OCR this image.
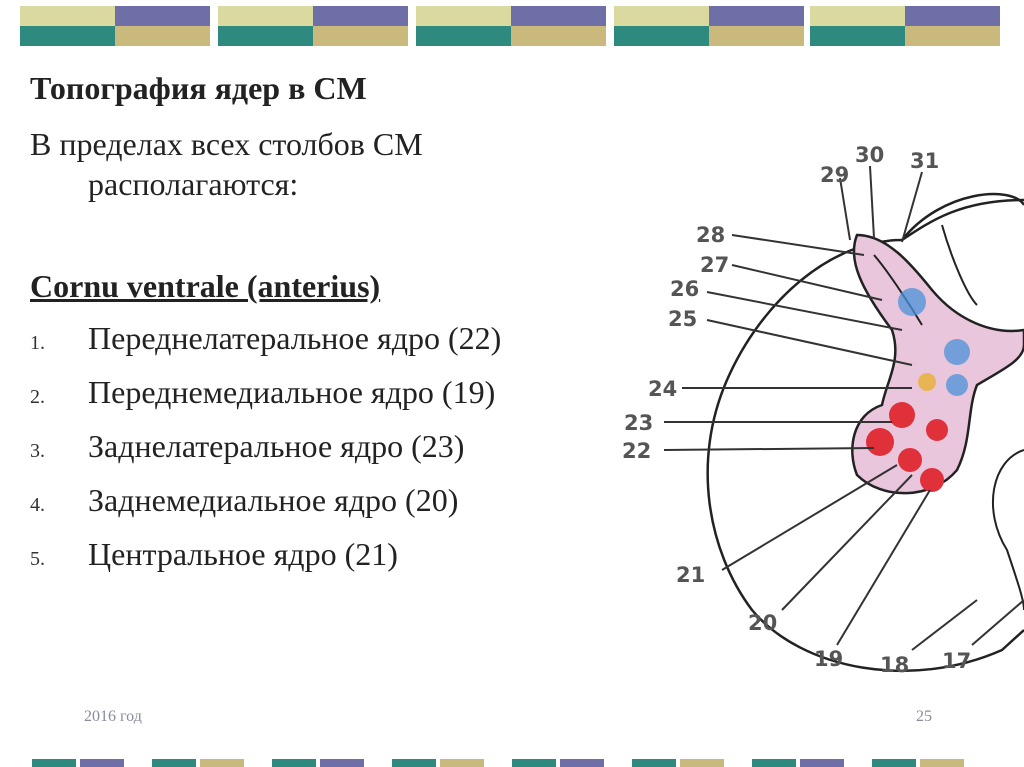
Топография ядер в СМ
В пределах всех столбов СМ
располагаются:
Cornu ventrale (anterius)
1.	Переднелатеральное ядро (22)
2.	Переднемедиальное ядро (19)
3.	Заднелатеральное ядро (23)
4.	Заднемедиальное ядро (20)
5.	Центральное ядро (21)
30 31
29
28
27
26
25
24
23
22
21
20
19 18 17
2016 год	25
